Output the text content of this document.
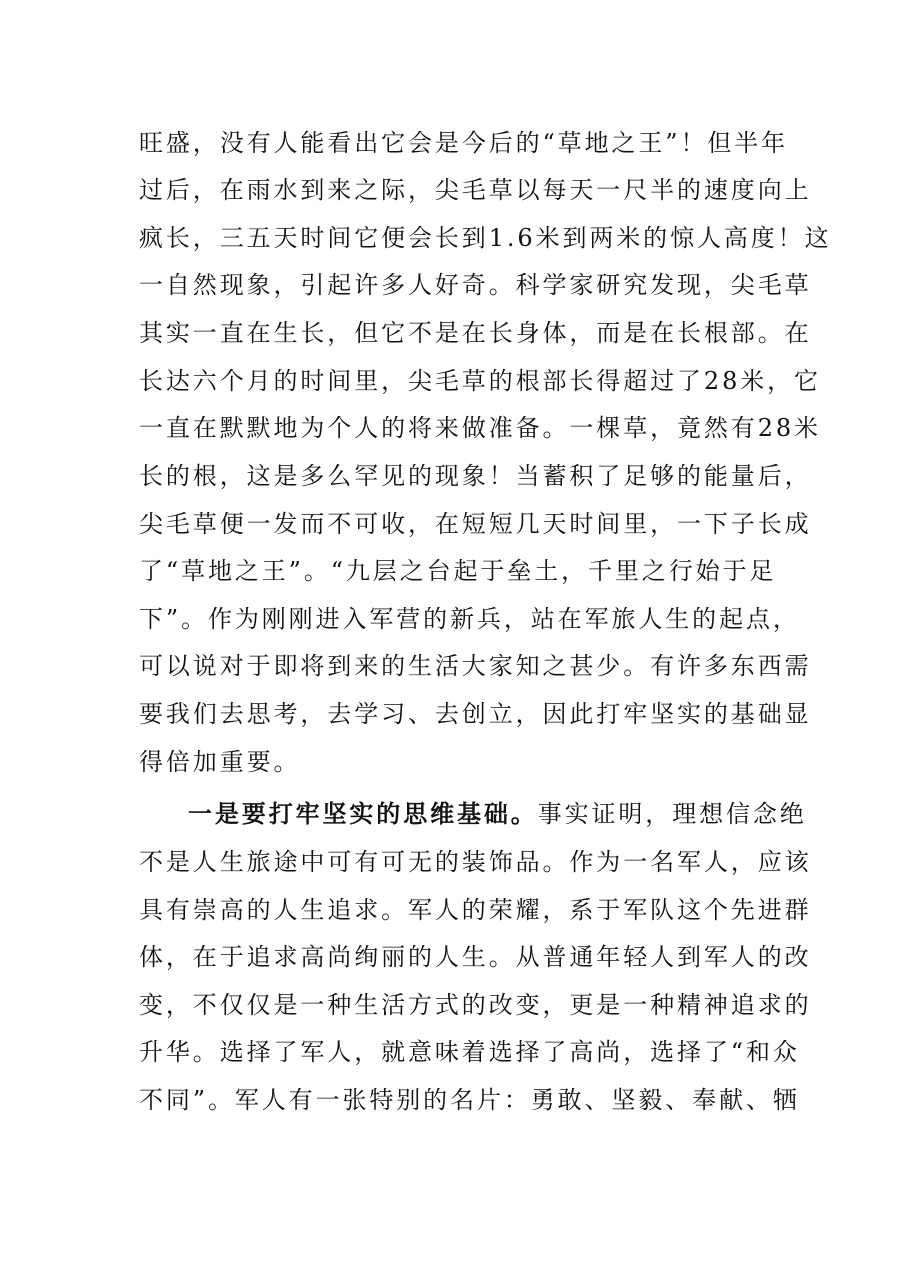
旺盛，没有人能看出它会是今后的“草地之王”！但半年
过后，在雨水到来之际，尖毛草以每天一尺半的速度向上
疯长，三五天时间它便会长到1.6米到两米的惊人高度！这
一自然现象，引起许多人好奇。科学家研究发现，尖毛草
其实一直在生长，但它不是在长身体，而是在长根部。在
长达六个月的时间里，尖毛草的根部长得超过了28米，它
一直在默默地为个人的将来做准备。一棵草，竟然有28米
长的根，这是多么罕见的现象！当蓄积了足够的能量后，
尖毛草便一发而不可收，在短短几天时间里，一下子长成
了“草地之王”。“九层之台起于垒土，千里之行始于足
下”。作为刚刚进入军营的新兵，站在军旅人生的起点，
可以说对于即将到来的生活大家知之甚少。有许多东西需
要我们去思考，去学习、去创立，因此打牢坚实的基础显
得倍加重要。
一是要打牢坚实的思维基础。事实证明，理想信念绝
不是人生旅途中可有可无的装饰品。作为一名军人，应该
具有崇高的人生追求。军人的荣耀，系于军队这个先进群
体，在于追求高尚绚丽的人生。从普通年轻人到军人的改
变，不仅仅是一种生活方式的改变，更是一种精神追求的
升华。选择了军人，就意味着选择了高尚，选择了“和众
不同”。军人有一张特别的名片：勇敢、坚毅、奉献、牺
